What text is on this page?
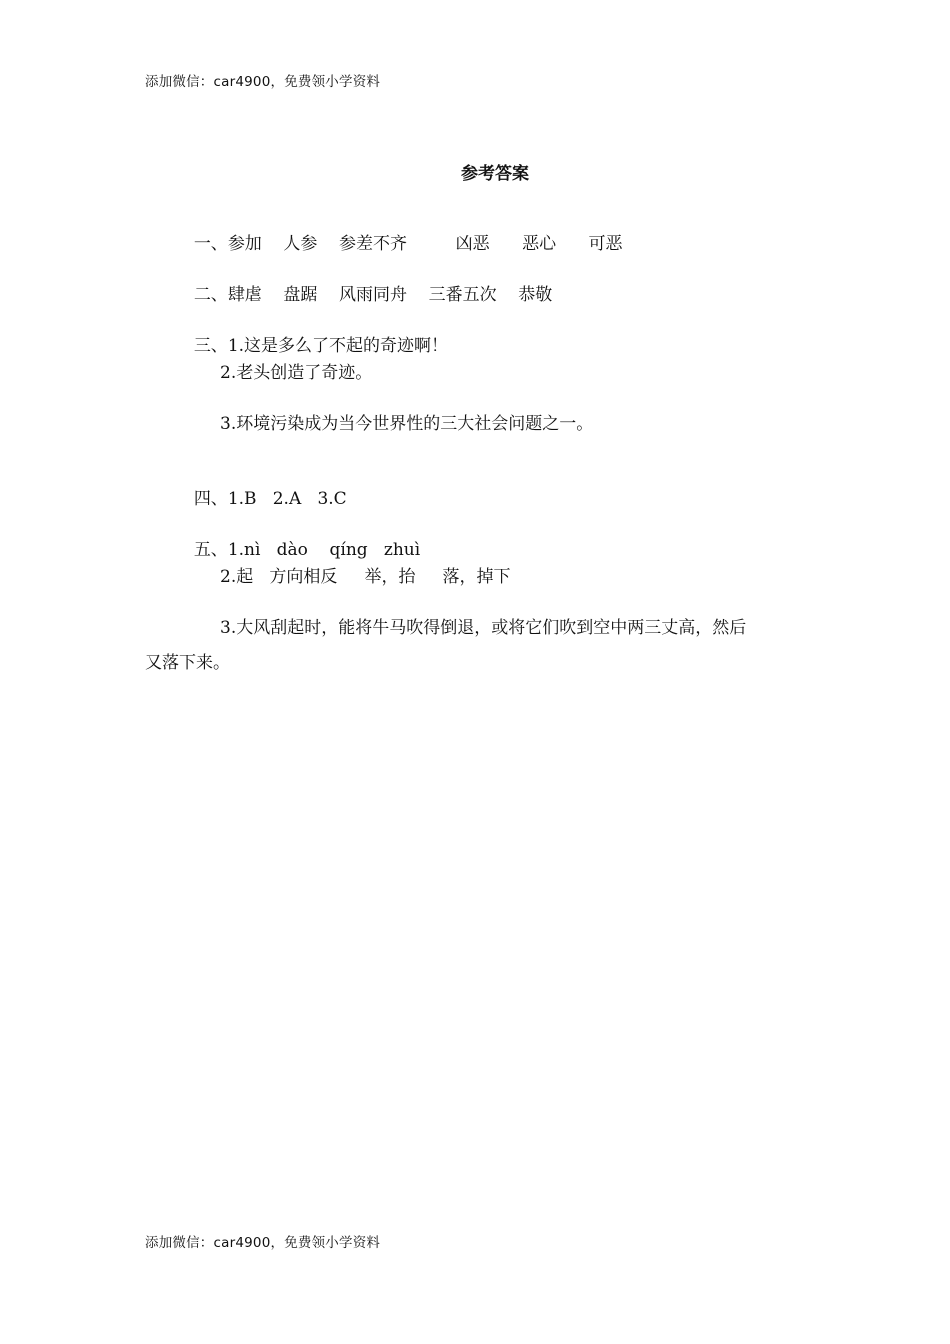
添加微信：car4900，免费领小学资料
参考答案

一、参加    人参    参差不齐         凶恶      恶心      可恶

二、肆虐    盘踞    风雨同舟    三番五次    恭敬

三、1.这是多么了不起的奇迹啊！

2.老头创造了奇迹。
3.环境污染成为当今世界性的三大社会问题之一。

四、1.B   2.A   3.C

五、1.nì   dào    qíng   zhuì

2.起   方向相反     举，抬     落，掉下
3.大风刮起时，能将牛马吹得倒退，或将它们吹到空中两三丈高，然后
又落下来。
添加微信：car4900，免费领小学资料
